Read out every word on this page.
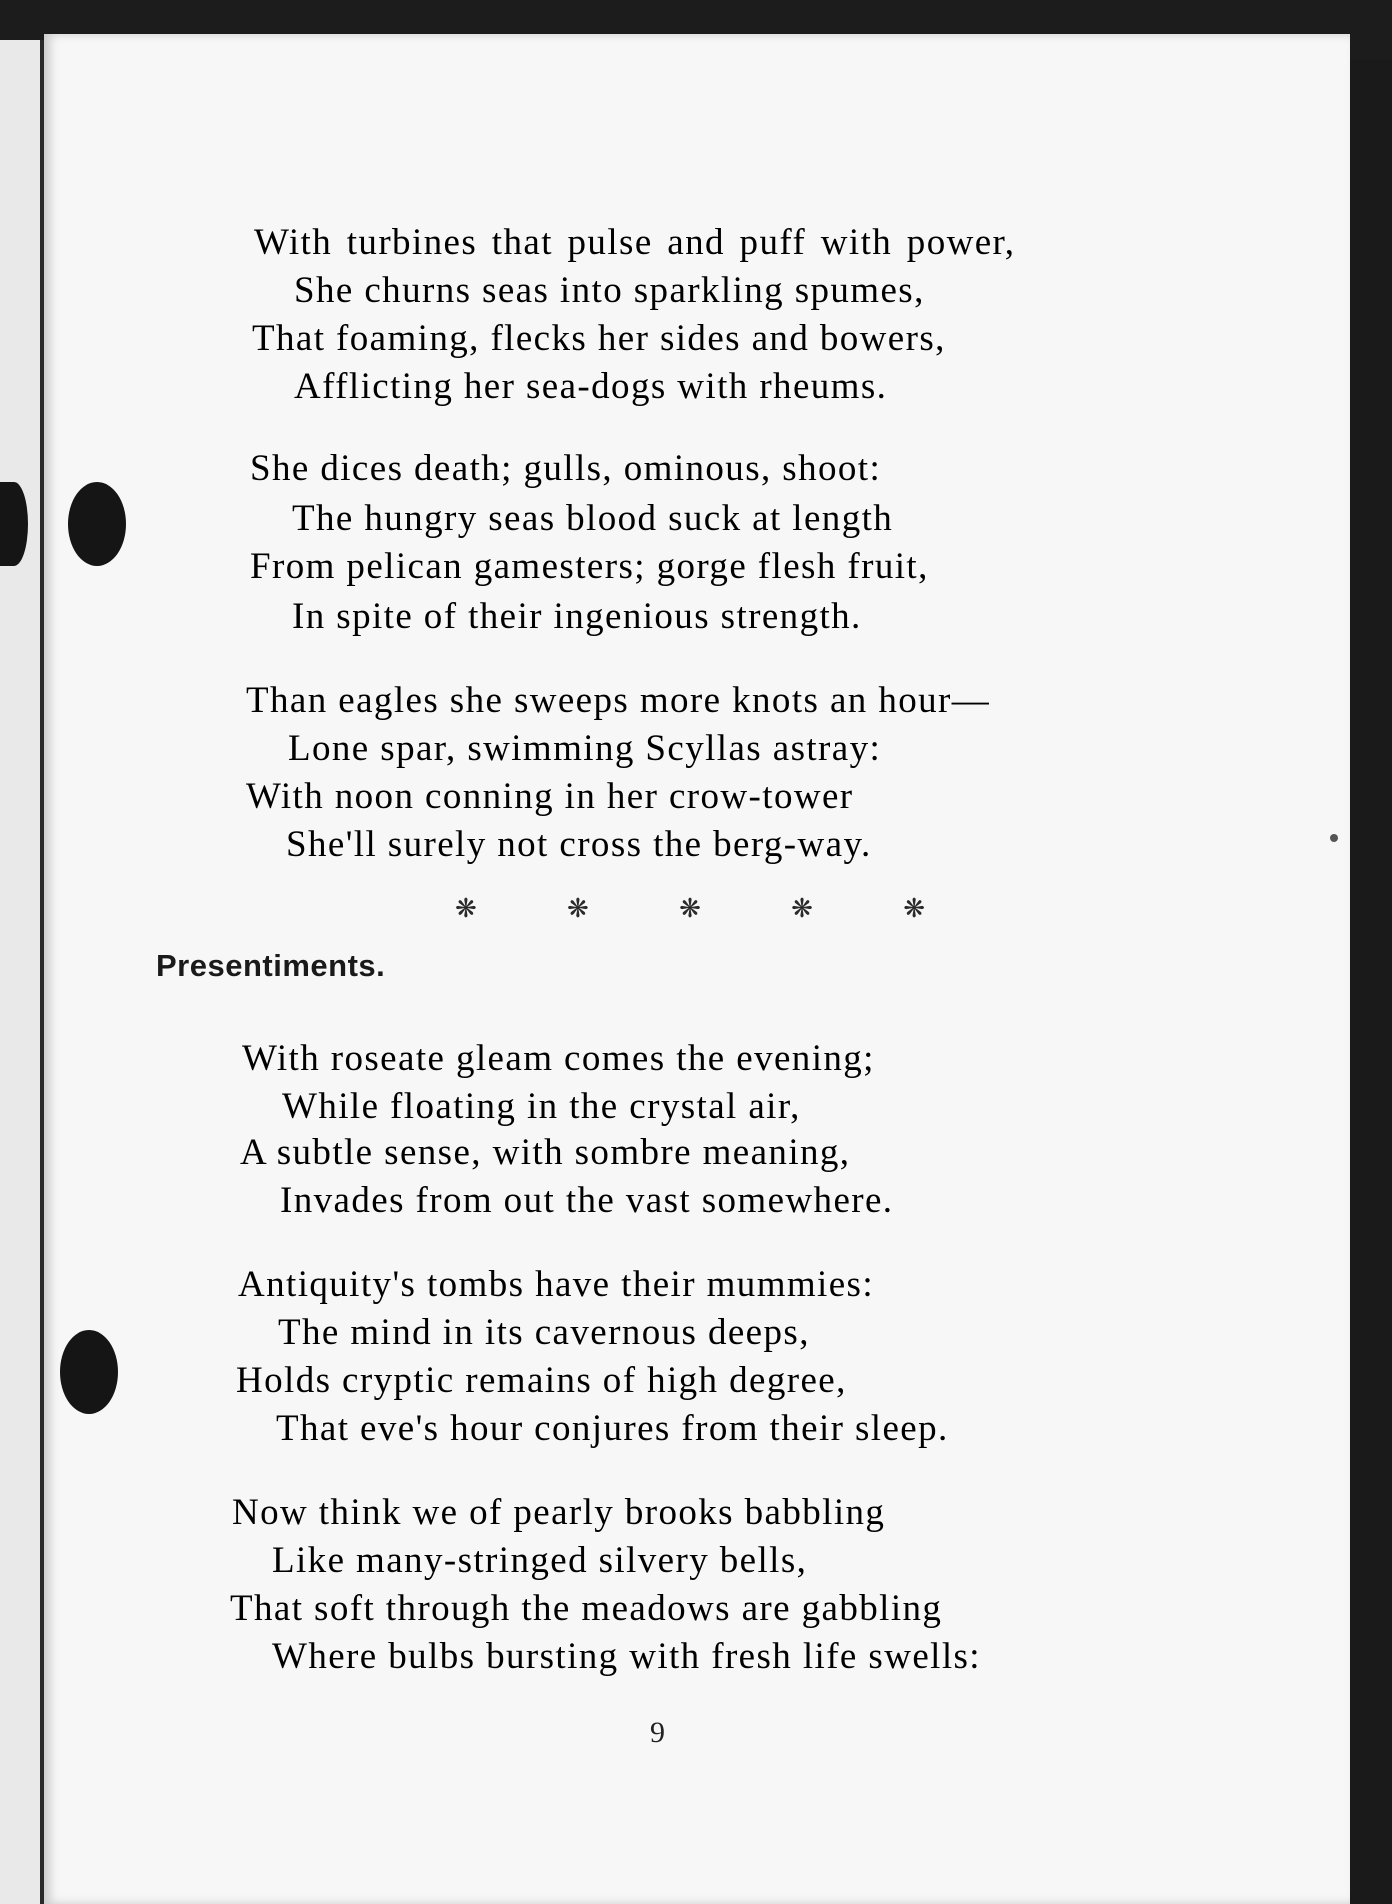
With turbines that pulse and puff with power,
She churns seas into sparkling spumes,
That foaming, flecks her sides and bowers,
Afflicting her sea-dogs with rheums.
She dices death; gulls, ominous, shoot:
The hungry seas blood suck at length
From pelican gamesters; gorge flesh fruit,
In spite of their ingenious strength.
Than eagles she sweeps more knots an hour—
Lone spar, swimming Scyllas astray:
With noon conning in her crow-tower
She'll surely not cross the berg-way.
❋	❋	❋	❋	❋
Presentiments.
With roseate gleam comes the evening;
While floating in the crystal air,
A subtle sense, with sombre meaning,
Invades from out the vast somewhere.
Antiquity's tombs have their mummies:
The mind in its cavernous deeps,
Holds cryptic remains of high degree,
That eve's hour conjures from their sleep.
Now think we of pearly brooks babbling
Like many-stringed silvery bells,
That soft through the meadows are gabbling
Where bulbs bursting with fresh life swells:
9
